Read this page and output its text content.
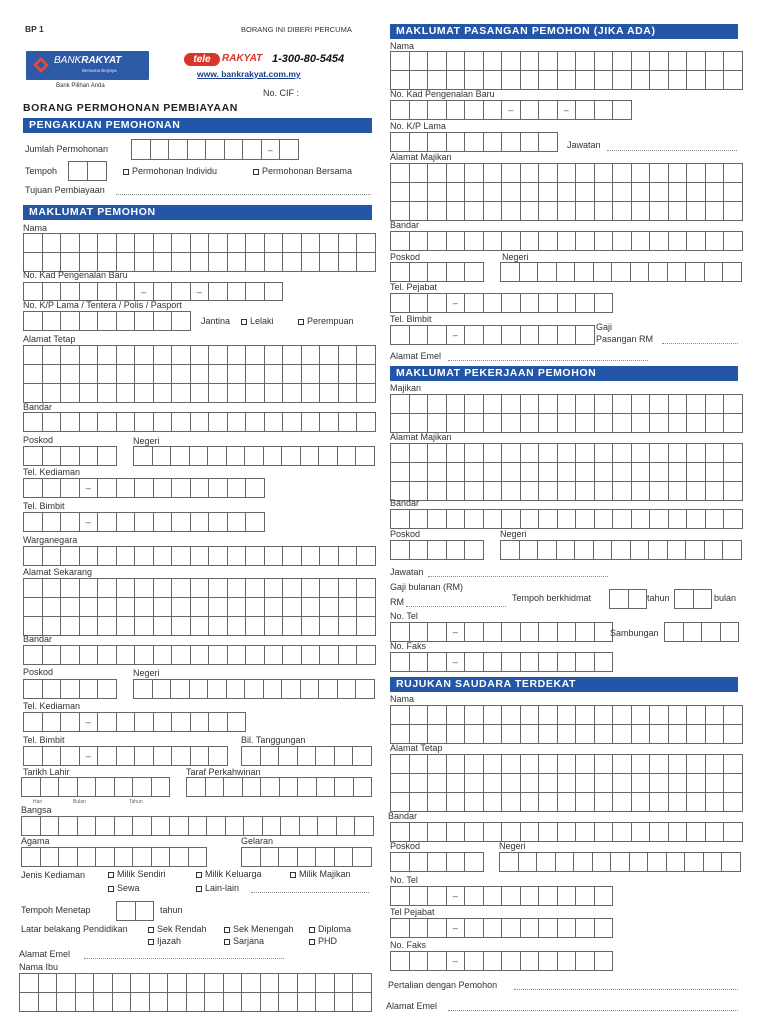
BP 1	BORANG INI DIBERI PERCUMA
BANKRAKYAT
Bersama Berjaya
Bank Pilihan Anda
tele	RAKYAT 1-300-80-5454
www. bankrakyat.com.my
No. CIF :
BORANG PERMOHONAN PEMBIAYAAN
PENGAKUAN PEMOHONAN
Jumlah Permohonan	–
Tempoh	Permohonan Individu	Permohonan Bersama
Tujuan Pembiayaan
MAKLUMAT PEMOHON
Nama
No. Kad Pengenalan Baru
–	–
No. K/P Lama / Tentera / Polis / Pasport
Jantina	Lelaki	Perempuan
Alamat Tetap
Bandar
Poskod	Negeri
Tel. Kediaman
–
Tel. Bimbit
–
Warganegara
Alamat Sekarang
Bandar
Poskod	Negeri
Tel. Kediaman
–
Tel. Bimbit	Bil. Tanggungan
–
Tarikh Lahir	Taraf Perkahwinan
Hari	Bulan	Tahun
Bangsa
Agama	Gelaran
Jenis Kediaman	Milik Sendiri	Milik Keluarga	Milik Majikan
Sewa	Lain-lain
Tempoh Menetap	tahun
Latar belakang Pendidikan	Sek Rendah	Sek Menengah	Diploma
Ijazah	Sarjana	PHD
Alamat Emel
Nama Ibu
MAKLUMAT PASANGAN PEMOHON (JIKA ADA)
Nama
No. Kad Pengenalan Baru
–	–
No. K/P Lama
Jawatan
Alamat Majikan
Bandar
Poskod	Negeri
Tel. Pejabat
–
Tel. Bimbit
–
Gaji
Pasangan RM
Alamat Emel
MAKLUMAT PEKERJAAN PEMOHON
Majikan
Alamat Majikan
Bandar
Poskod	Negeri
Jawatan
Gaji bulanan (RM)
RM	Tempoh berkhidmat	tahun	bulan
No. Tel
–	Sambungan
No. Faks
–
RUJUKAN SAUDARA TERDEKAT
Nama
Alamat Tetap
Bandar
Poskod	Negeri
No. Tel
–
Tel Pejabat
–
No. Faks
–
Pertalian dengan Pemohon
Alamat Emel
